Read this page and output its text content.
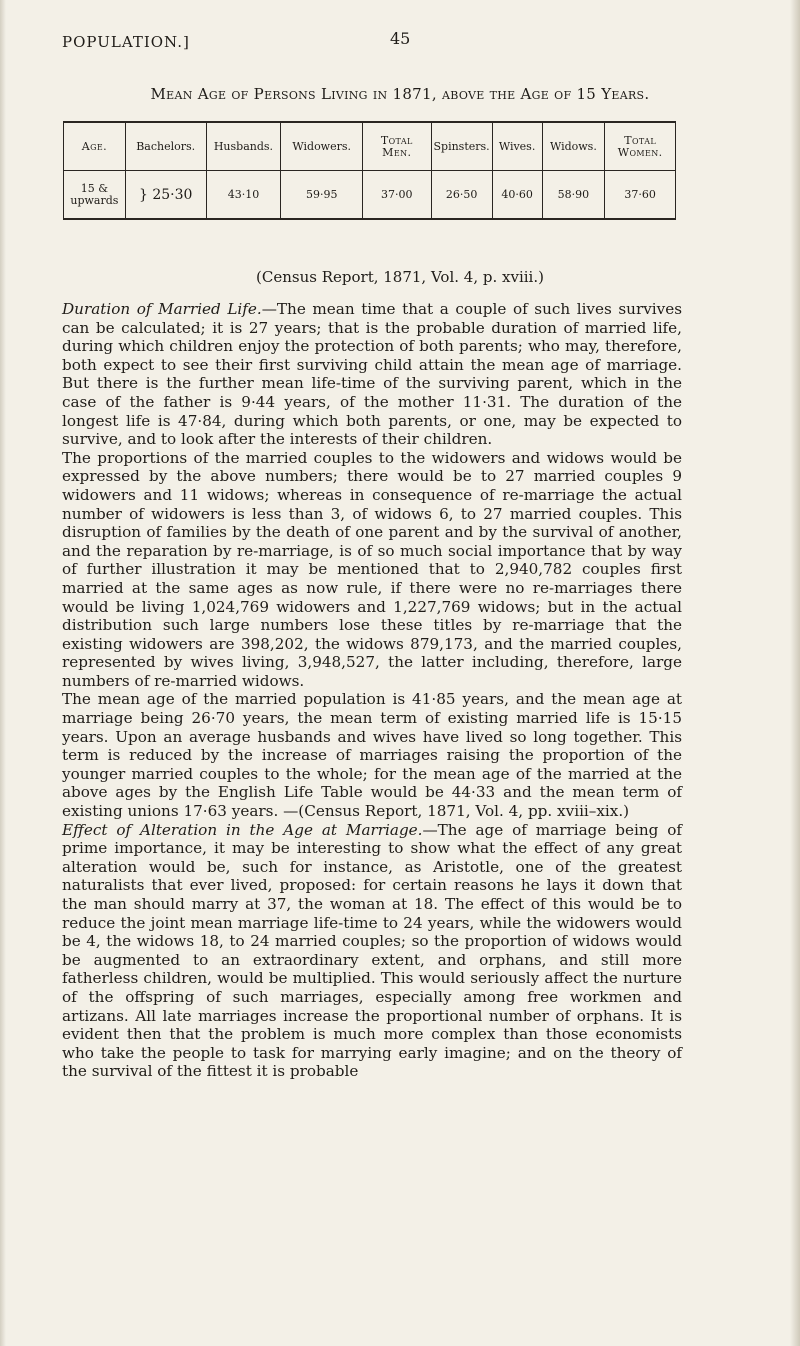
POPULATION.]	45
Mean Age of Persons Living in 1871, above the Age of 15 Years.
Age.	Bachelors.	Husbands.	Widowers.	Total Men.	Spinsters.	Wives.	Widows.	Total Women.
15 & upwards	} 25·30	43·10	59·95	37·00	26·50	40·60	58·90	37·60
(Census Report, 1871, Vol. 4, p. xviii.)

Duration of Married Life.—The mean time that a couple of such lives survives can be calculated; it is 27 years; that is the probable duration of married life, during which children enjoy the protection of both parents; who may, therefore, both expect to see their first surviving child attain the mean age of marriage. But there is the further mean life-time of the surviving parent, which in the case of the father is 9·44 years, of the mother 11·31. The duration of the longest life is 47·84, during which both parents, or one, may be expected to survive, and to look after the interests of their children.

The proportions of the married couples to the widowers and widows would be expressed by the above numbers; there would be to 27 married couples 9 widowers and 11 widows; whereas in consequence of re-marriage the actual number of widowers is less than 3, of widows 6, to 27 married couples. This disruption of families by the death of one parent and by the survival of another, and the reparation by re-marriage, is of so much social importance that by way of further illustration it may be mentioned that to 2,940,782 couples first married at the same ages as now rule, if there were no re-marriages there would be living 1,024,769 widowers and 1,227,769 widows; but in the actual distribution such large numbers lose these titles by re-marriage that the existing widowers are 398,202, the widows 879,173, and the married couples, represented by wives living, 3,948,527, the latter including, therefore, large numbers of re-married widows.

The mean age of the married population is 41·85 years, and the mean age at marriage being 26·70 years, the mean term of existing married life is 15·15 years. Upon an average husbands and wives have lived so long together. This term is reduced by the increase of marriages raising the proportion of the younger married couples to the whole; for the mean age of the married at the above ages by the English Life Table would be 44·33 and the mean term of existing unions 17·63 years. —(Census Report, 1871, Vol. 4, pp. xviii–xix.)

Effect of Alteration in the Age at Marriage.—The age of marriage being of prime importance, it may be interesting to show what the effect of any great alteration would be, such for instance, as Aristotle, one of the greatest naturalists that ever lived, proposed: for certain reasons he lays it down that the man should marry at 37, the woman at 18. The effect of this would be to reduce the joint mean marriage life-time to 24 years, while the widowers would be 4, the widows 18, to 24 married couples; so the proportion of widows would be augmented to an extraordinary extent, and orphans, and still more fatherless children, would be multiplied. This would seriously affect the nurture of the offspring of such marriages, especially among free workmen and artizans. All late marriages increase the proportional number of orphans. It is evident then that the problem is much more complex than those economists who take the people to task for marrying early imagine; and on the theory of the survival of the fittest it is probable
